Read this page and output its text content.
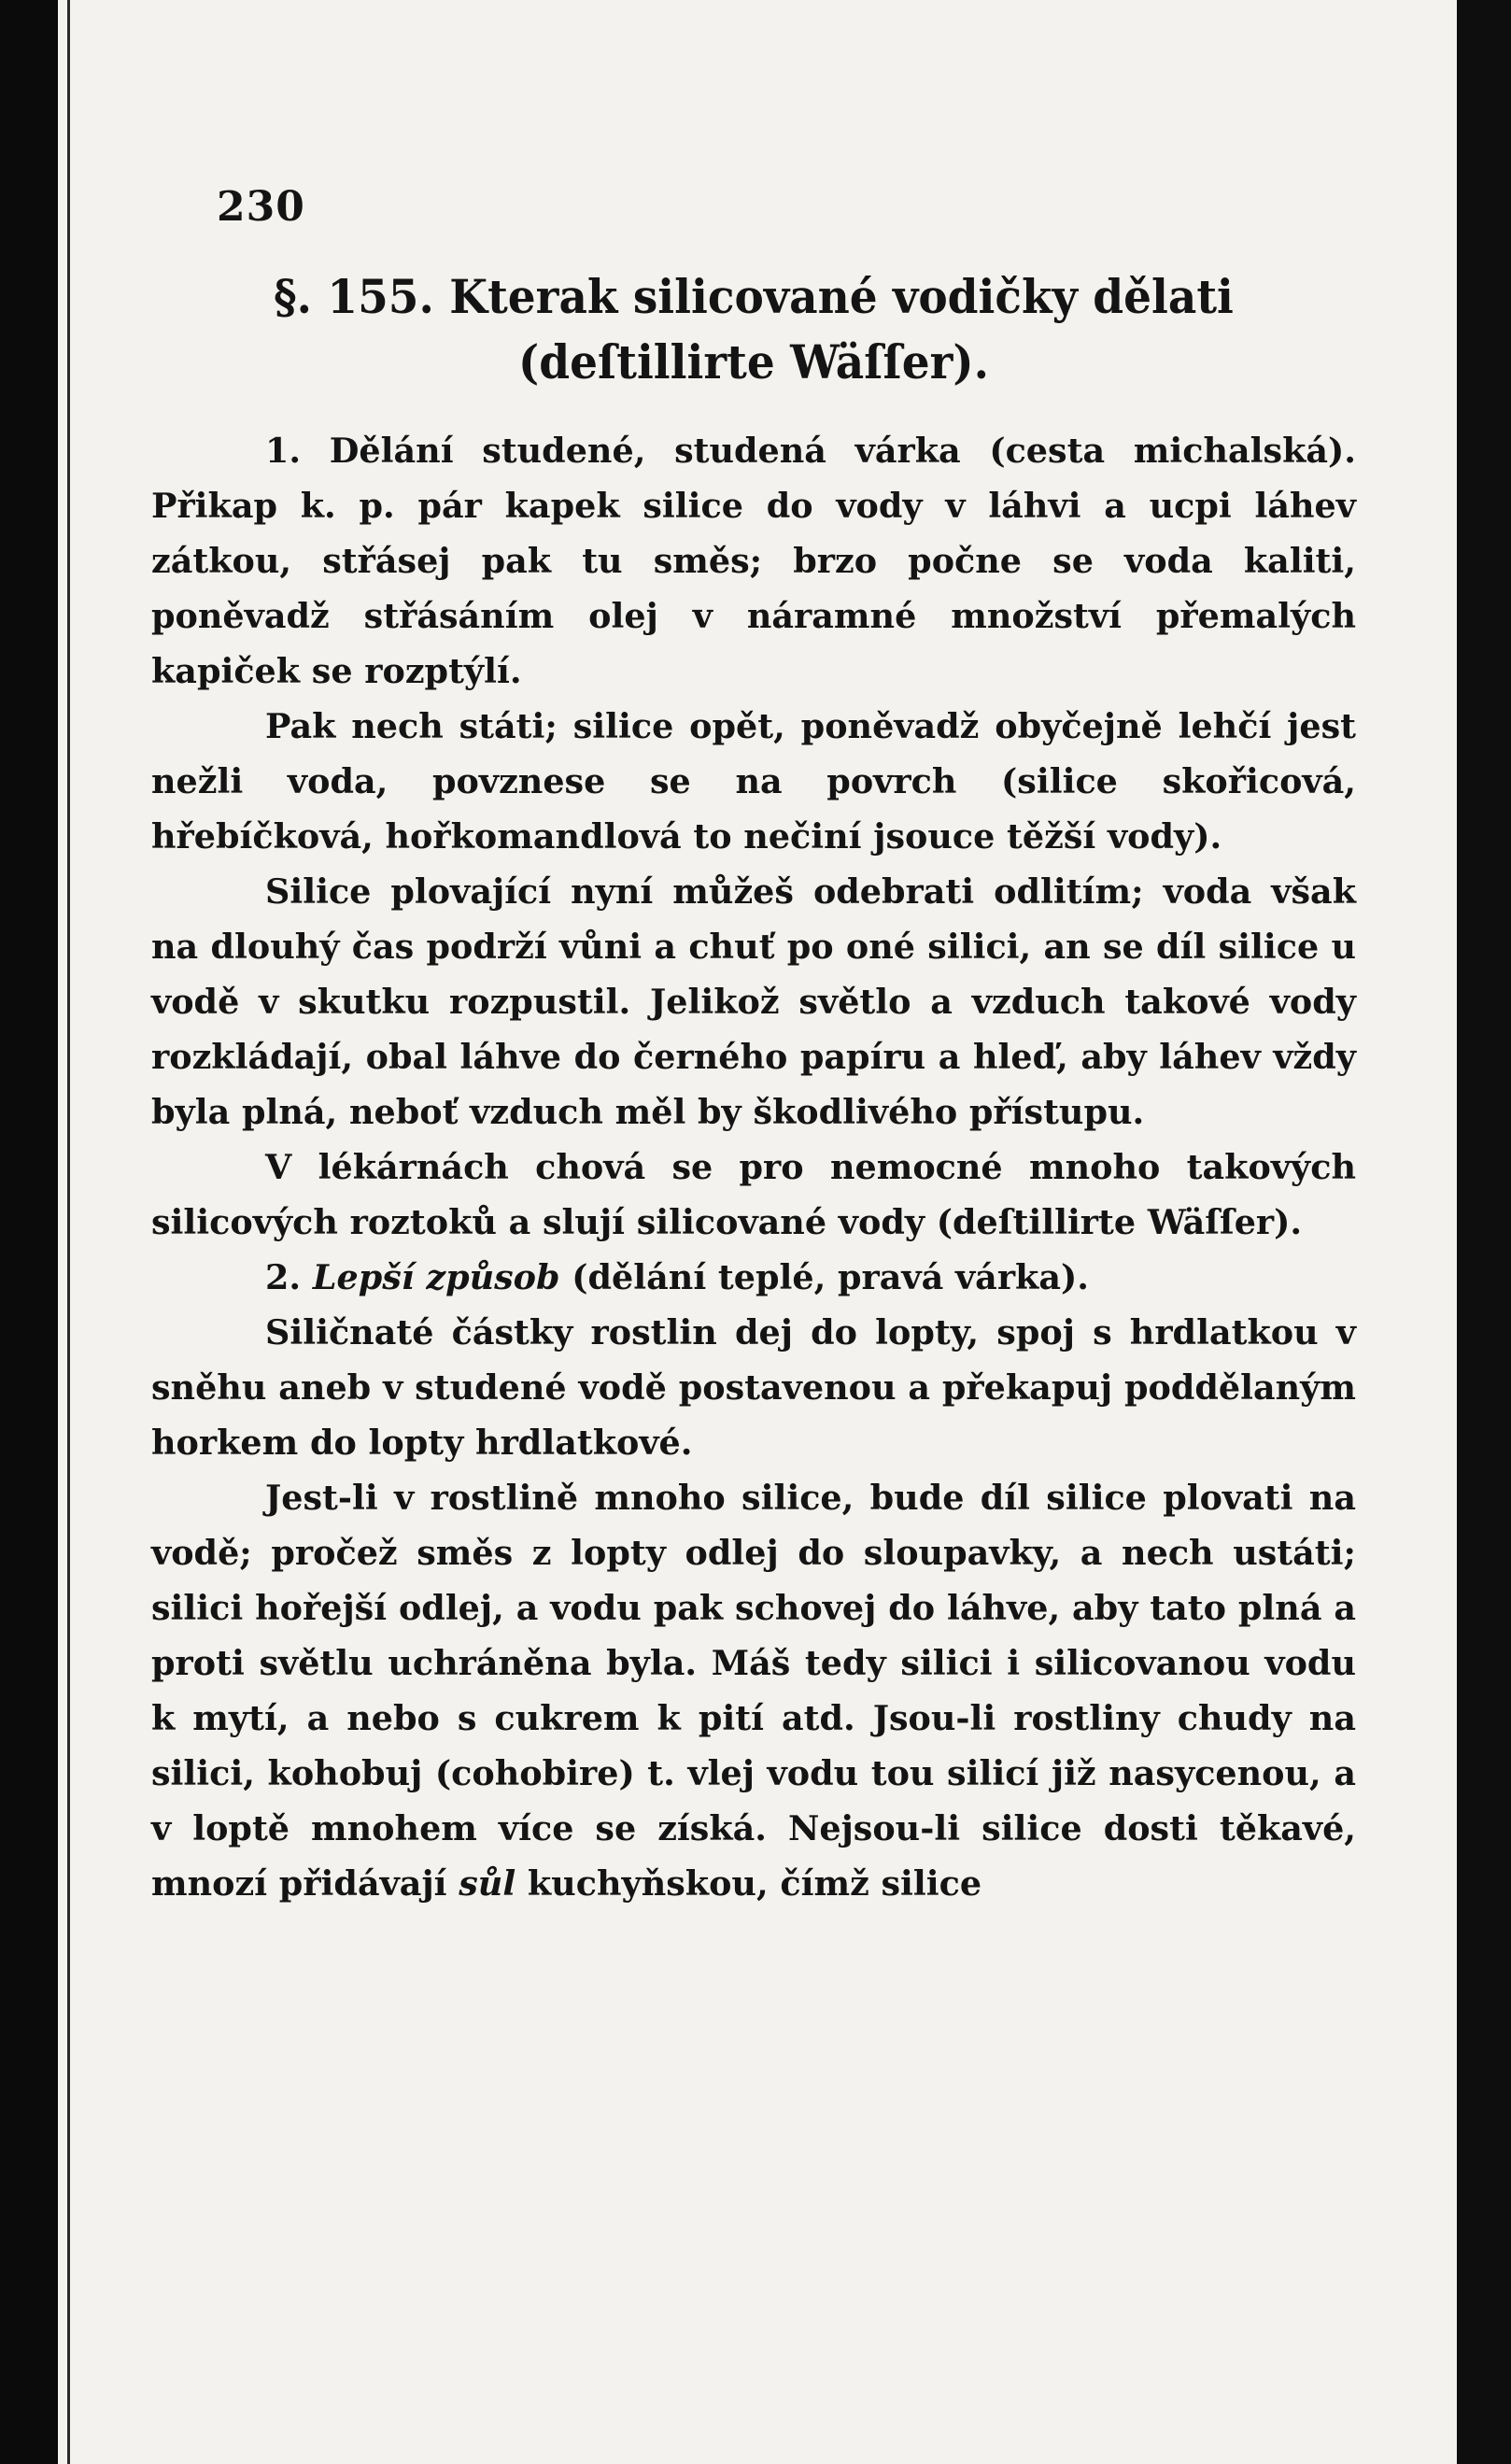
230
§. 155. Kterak silicované vodičky dělati (deſtillirte Wäſſer).

1. Dělání studené, studená várka (cesta michalská). Přikap k. p. pár kapek silice do vody v láhvi a ucpi láhev zátkou, střásej pak tu směs; brzo počne se voda kaliti, poněvadž střásáním olej v náramné množství přemalých kapiček se rozptýlí.

Pak nech státi; silice opět, poněvadž obyčejně lehčí jest nežli voda, povznese se na povrch (silice skořicová, hřebíčková, hořkomandlová to nečiní jsouce těžší vody).

Silice plovající nyní můžeš odebrati odlitím; voda však na dlouhý čas podrží vůni a chuť po oné silici, an se díl silice u vodě v skutku rozpustil. Jelikož světlo a vzduch takové vody rozkládají, obal láhve do černého papíru a hleď, aby láhev vždy byla plná, neboť vzduch měl by škodlivého přístupu.

V lékárnách chová se pro nemocné mnoho takových silicových roztoků a slují silicované vody (deſtillirte Wäſſer).

2. Lepší způsob (dělání teplé, pravá várka).

Siličnaté částky rostlin dej do lopty, spoj s hrdlatkou v sněhu aneb v studené vodě postavenou a překapuj poddělaným horkem do lopty hrdlatkové.

Jest-li v rostlině mnoho silice, bude díl silice plovati na vodě; pročež směs z lopty odlej do sloupavky, a nech ustáti; silici hořejší odlej, a vodu pak schovej do láhve, aby tato plná a proti světlu uchráněna byla. Máš tedy silici i silicovanou vodu k mytí, a nebo s cukrem k pití atd. Jsou-li rostliny chudy na silici, kohobuj (cohobire) t. vlej vodu tou silicí již nasycenou, a v loptě mnohem více se získá. Nejsou-li silice dosti těkavé, mnozí přidávají sůl kuchyňskou, čímž silice
